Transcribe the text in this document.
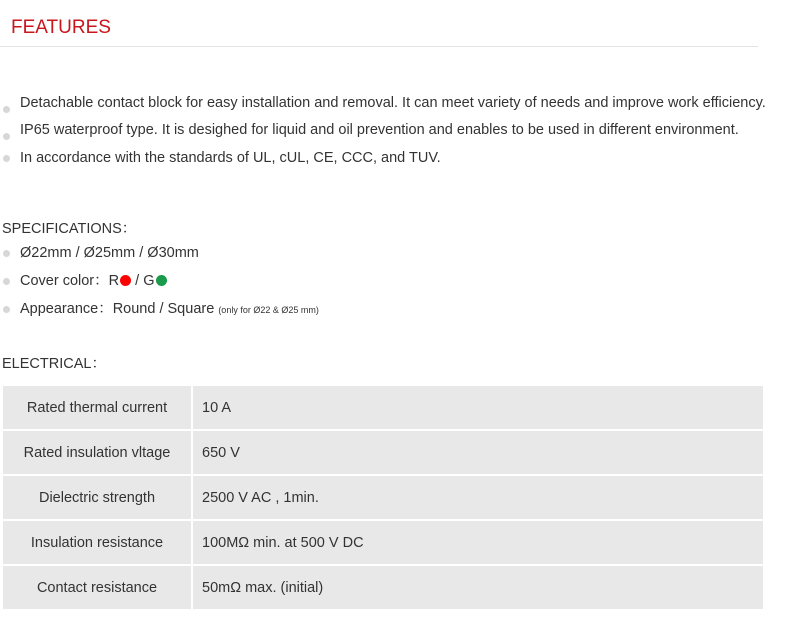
FEATURES
Detachable contact block for easy installation and removal. It can meet variety of needs and improve work efficiency.
IP65 waterproof type. It is desighed for liquid and oil prevention and enables to be used in different environment.
In accordance with the standards of UL, cUL, CE, CCC, and TUV.
SPECIFICATIONS：
Ø22mm / Ø25mm / Ø30mm
Cover color：R / G
Appearance：Round / Square (only for Ø22 & Ø25 mm)
ELECTRICAL：
Rated thermal current	10 A
Rated insulation vltage	650 V
Dielectric strength	2500 V AC , 1min.
Insulation resistance	100MΩ min. at 500 V DC
Contact resistance	50mΩ max. (initial)
